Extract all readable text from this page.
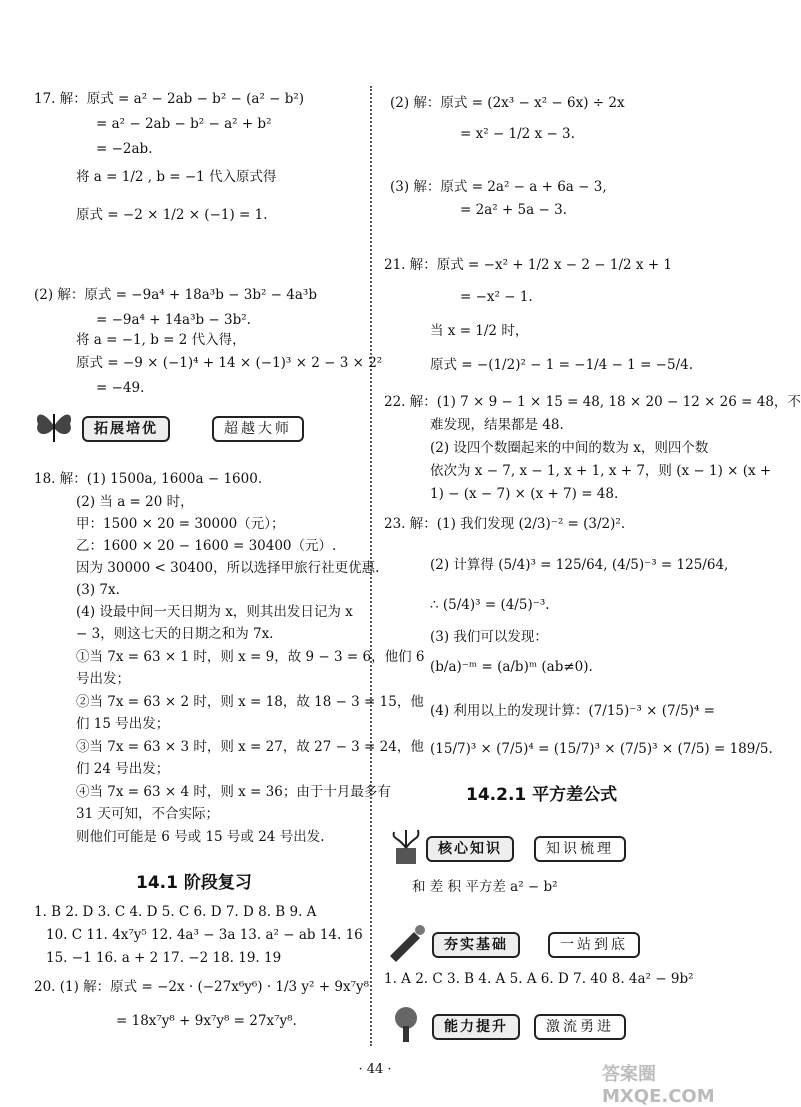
17. 解：原式 = a² − 2ab − b² − (a² − b²)
= a² − 2ab − b² − a² + b²
= −2ab.
将 a = 1/2 , b = −1 代入原式得
原式 = −2 × 1/2 × (−1) = 1.
(2) 解：原式 = −9a⁴ + 18a³b − 3b² − 4a³b
= −9a⁴ + 14a³b − 3b².
将 a = −1, b = 2 代入得，
原式 = −9 × (−1)⁴ + 14 × (−1)³ × 2 − 3 × 2²
= −49.
拓展培优	超越大师
18. 解：(1) 1500a, 1600a − 1600.
(2) 当 a = 20 时，
甲：1500 × 20 = 30000（元）；
乙：1600 × 20 − 1600 = 30400（元）.
因为 30000 < 30400，所以选择甲旅行社更优惠.
(3) 7x.
(4) 设最中间一天日期为 x，则其出发日记为 x
− 3，则这七天的日期之和为 7x.
①当 7x = 63 × 1 时，则 x = 9，故 9 − 3 = 6，他们 6
号出发；
②当 7x = 63 × 2 时，则 x = 18，故 18 − 3 = 15，他
们 15 号出发；
③当 7x = 63 × 3 时，则 x = 27，故 27 − 3 = 24，他
们 24 号出发；
④当 7x = 63 × 4 时，则 x = 36；由于十月最多有
31 天可知，不合实际；
则他们可能是 6 号或 15 号或 24 号出发.
14.1 阶段复习
1. B 2. D 3. C 4. D 5. C 6. D 7. D 8. B 9. A
10. C 11. 4x⁷y⁵ 12. 4a³ − 3a 13. a² − ab 14. 16
15. −1 16. a + 2 17. −2 18. 19. 19
20. (1) 解：原式 = −2x · (−27x⁶y⁶) · 1/3 y² + 9x⁷y⁸
= 18x⁷y⁸ + 9x⁷y⁸ = 27x⁷y⁸.
(2) 解：原式 = (2x³ − x² − 6x) ÷ 2x
= x² − 1/2 x − 3.
(3) 解：原式 = 2a² − a + 6a − 3,
= 2a² + 5a − 3.
21. 解：原式 = −x² + 1/2 x − 2 − 1/2 x + 1
= −x² − 1.
当 x = 1/2 时，
原式 = −(1/2)² − 1 = −1/4 − 1 = −5/4.
22. 解：(1) 7 × 9 − 1 × 15 = 48, 18 × 20 − 12 × 26 = 48，不
难发现，结果都是 48.
(2) 设四个数圈起来的中间的数为 x，则四个数
依次为 x − 7, x − 1, x + 1, x + 7，则 (x − 1) × (x +
1) − (x − 7) × (x + 7) = 48.
23. 解：(1) 我们发现 (2/3)⁻² = (3/2)².
(2) 计算得 (5/4)³ = 125/64, (4/5)⁻³ = 125/64,
∴ (5/4)³ = (4/5)⁻³.
(3) 我们可以发现：
(b/a)⁻ᵐ = (a/b)ᵐ (ab≠0).
(4) 利用以上的发现计算：(7/15)⁻³ × (7/5)⁴ =
(15/7)³ × (7/5)⁴ = (15/7)³ × (7/5)³ × (7/5) = 189/5.
14.2.1 平方差公式
核心知识	知识梳理
和 差 积 平方差 a² − b²
夯实基础	一站到底
1. A 2. C 3. B 4. A 5. A 6. D 7. 40 8. 4a² − 9b²
能力提升	激流勇进
· 44 ·	答案圈 MXQE.COM
